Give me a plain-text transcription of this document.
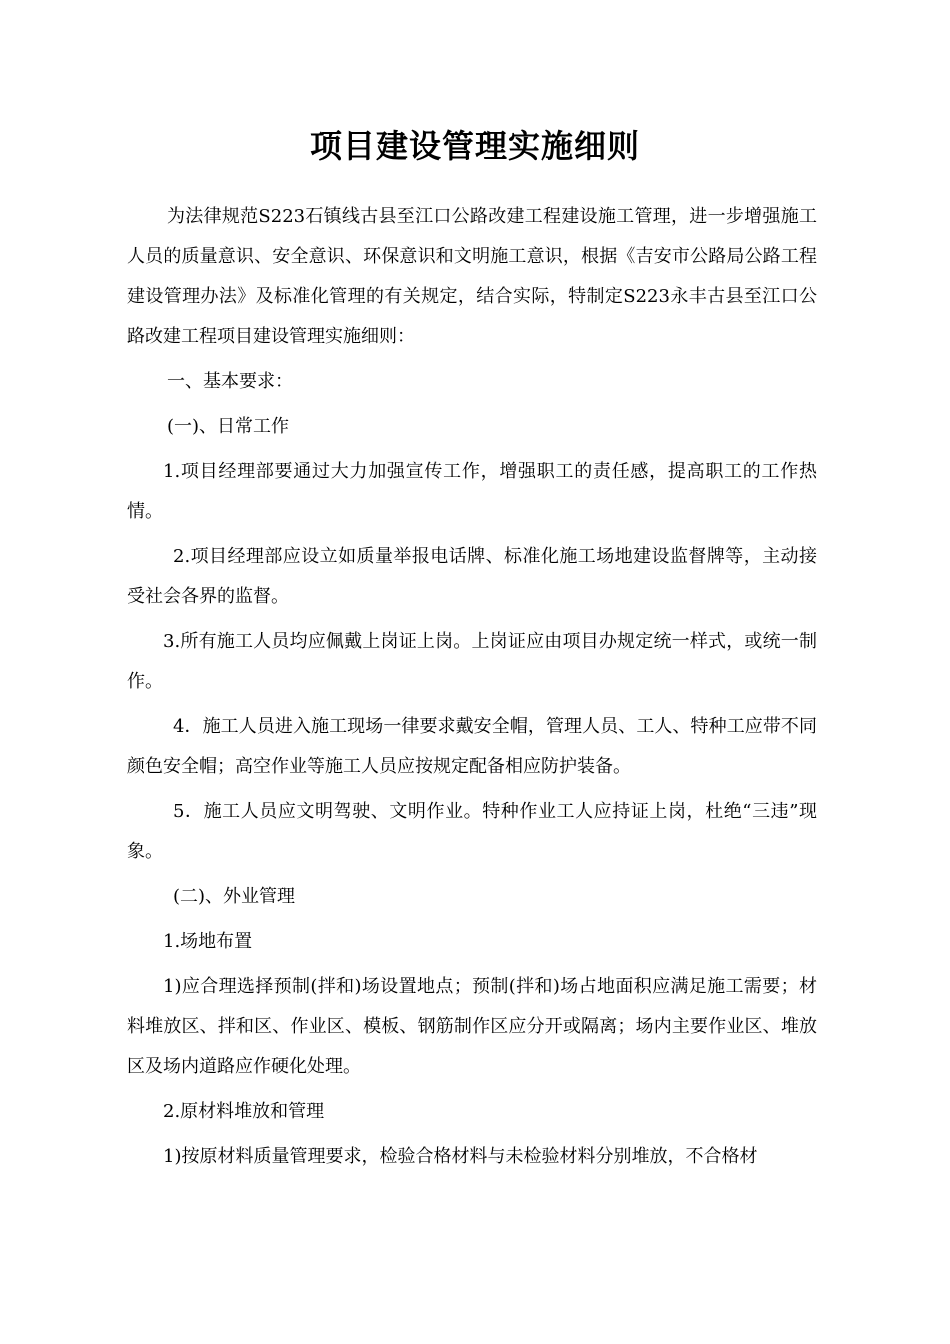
项目建设管理实施细则

为法律规范S223石镇线古县至江口公路改建工程建设施工管理，进一步增强施工人员的质量意识、安全意识、环保意识和文明施工意识，根据《吉安市公路局公路工程建设管理办法》及标准化管理的有关规定，结合实际，特制定S223永丰古县至江口公路改建工程项目建设管理实施细则：

一、基本要求：

(一)、日常工作

1.项目经理部要通过大力加强宣传工作，增强职工的责任感，提高职工的工作热情。

2.项目经理部应设立如质量举报电话牌、标准化施工场地建设监督牌等，主动接受社会各界的监督。

3.所有施工人员均应佩戴上岗证上岗。上岗证应由项目办规定统一样式，或统一制作。

4．施工人员进入施工现场一律要求戴安全帽，管理人员、工人、特种工应带不同颜色安全帽；高空作业等施工人员应按规定配备相应防护装备。

5．施工人员应文明驾驶、文明作业。特种作业工人应持证上岗，杜绝“三违”现象。

(二)、外业管理

1.场地布置

1)应合理选择预制(拌和)场设置地点；预制(拌和)场占地面积应满足施工需要；材料堆放区、拌和区、作业区、模板、钢筋制作区应分开或隔离；场内主要作业区、堆放区及场内道路应作硬化处理。

2.原材料堆放和管理

1)按原材料质量管理要求，检验合格材料与未检验材料分别堆放，不合格材
